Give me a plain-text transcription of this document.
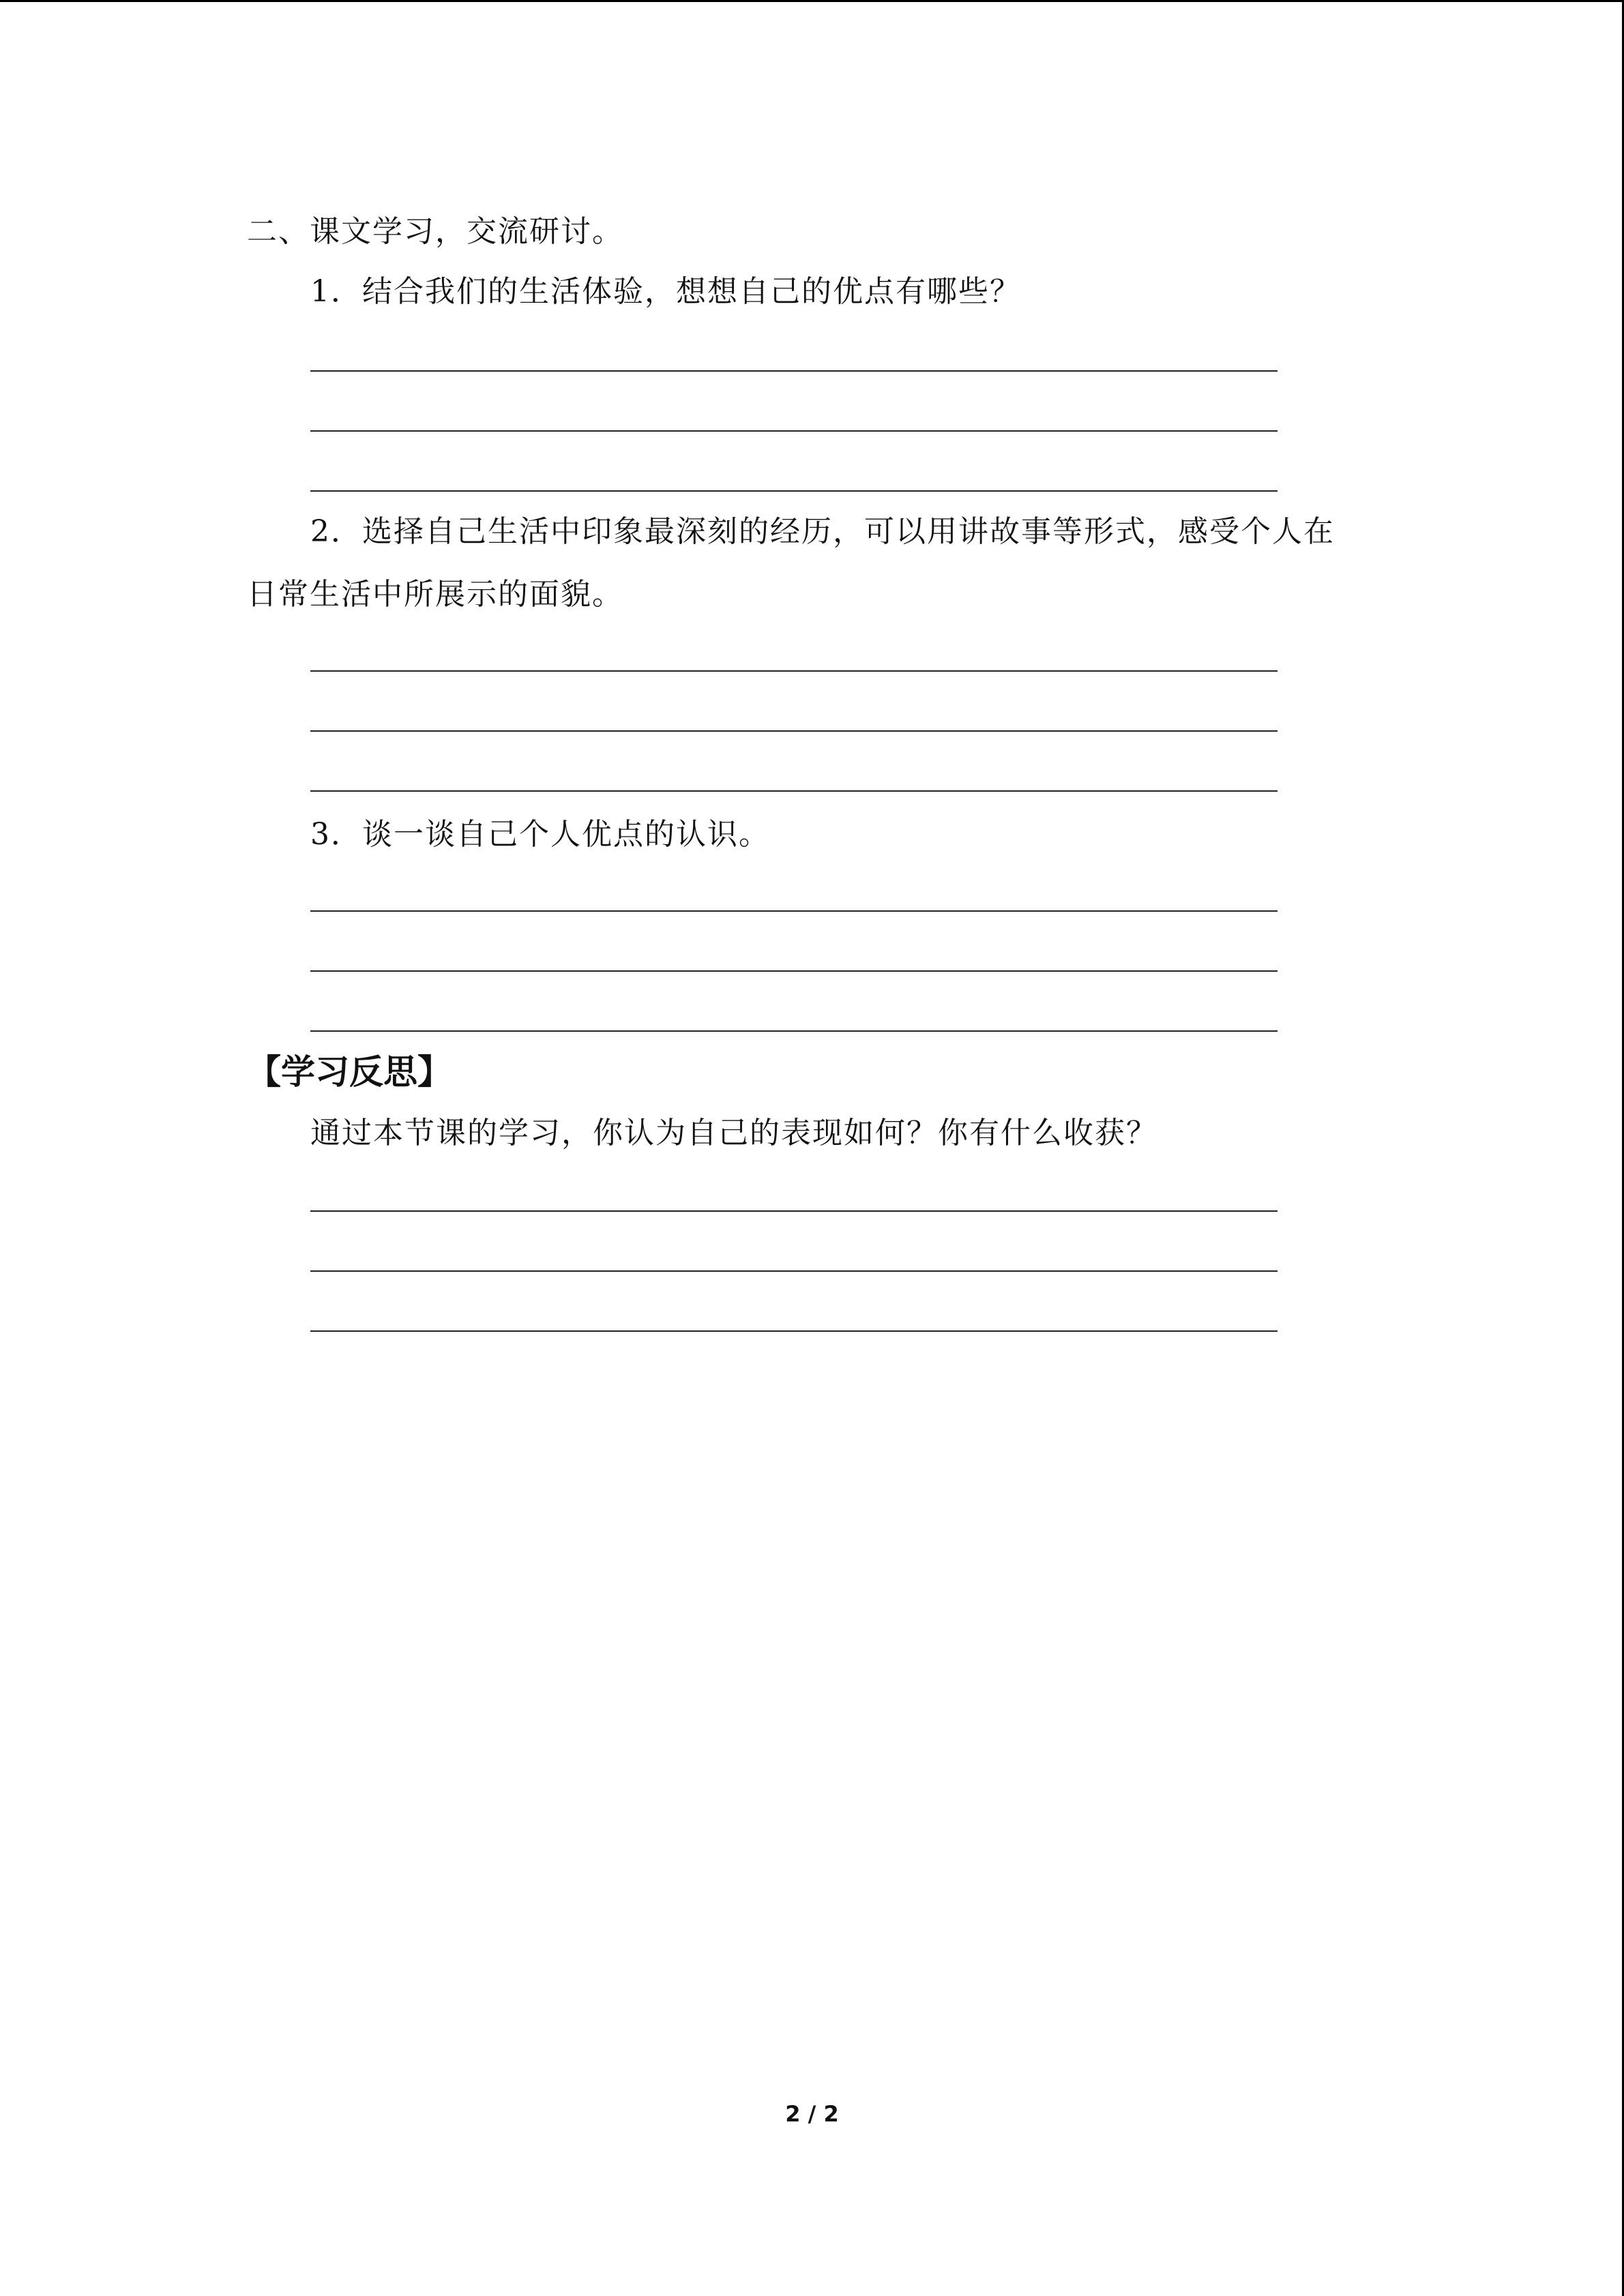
二、课文学习，交流研讨。
1．结合我们的生活体验，想想自己的优点有哪些？
2．选择自己生活中印象最深刻的经历，可以用讲故事等形式，感受个人在
日常生活中所展示的面貌。
3．谈一谈自己个人优点的认识。
【学习反思】
通过本节课的学习，你认为自己的表现如何？你有什么收获？
2 / 2
